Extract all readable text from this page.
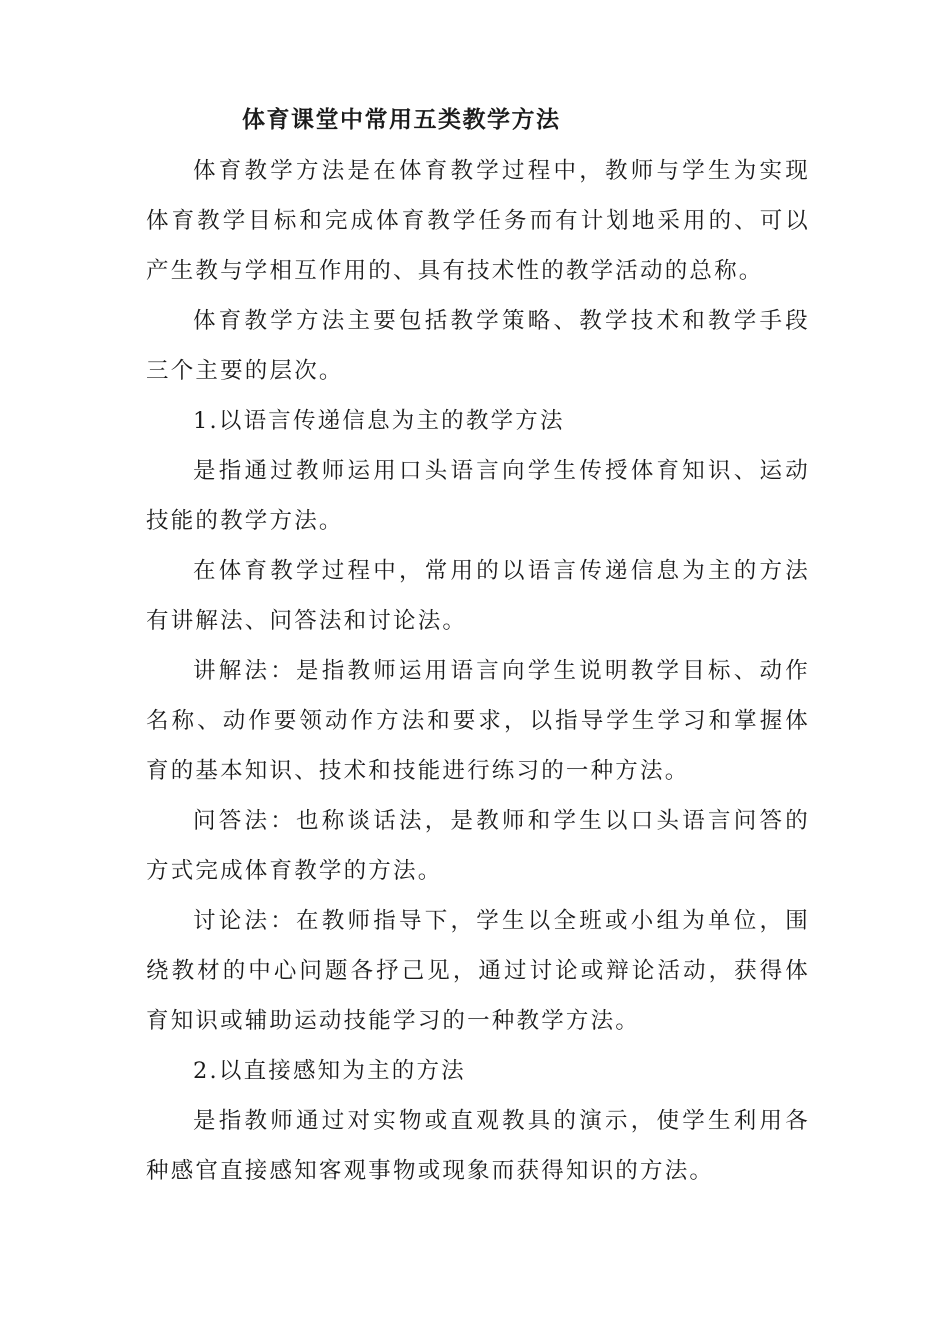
体育课堂中常用五类教学方法

体育教学方法是在体育教学过程中，教师与学生为实现体育教学目标和完成体育教学任务而有计划地采用的、可以产生教与学相互作用的、具有技术性的教学活动的总称。

体育教学方法主要包括教学策略、教学技术和教学手段三个主要的层次。

1.以语言传递信息为主的教学方法

是指通过教师运用口头语言向学生传授体育知识、运动技能的教学方法。

在体育教学过程中，常用的以语言传递信息为主的方法有讲解法、问答法和讨论法。

讲解法：是指教师运用语言向学生说明教学目标、动作名称、动作要领动作方法和要求，以指导学生学习和掌握体育的基本知识、技术和技能进行练习的一种方法。

问答法：也称谈话法，是教师和学生以口头语言问答的方式完成体育教学的方法。

讨论法：在教师指导下，学生以全班或小组为单位，围绕教材的中心问题各抒己见，通过讨论或辩论活动，获得体育知识或辅助运动技能学习的一种教学方法。

2.以直接感知为主的方法

是指教师通过对实物或直观教具的演示，使学生利用各种感官直接感知客观事物或现象而获得知识的方法。
